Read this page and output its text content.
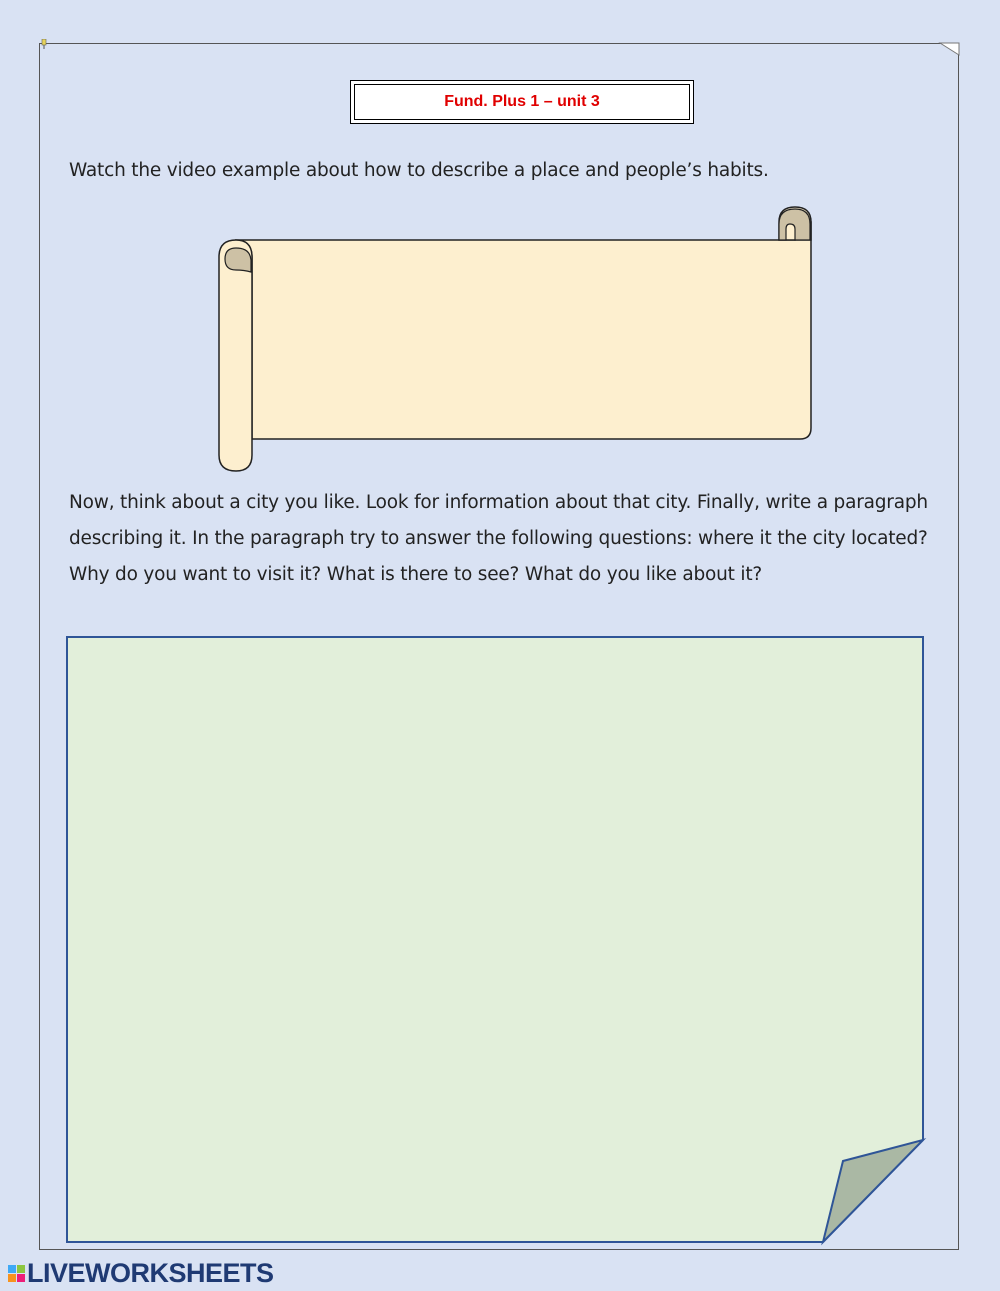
Fund. Plus 1 – unit 3
Watch the video example about how to describe a place and people’s habits.
Now, think about a city you like. Look for information about that city. Finally, write a paragraph describing it. In the paragraph try to answer the following questions: where it the city located? Why do you want to visit it? What is there to see? What do you like about it?
LIVEWORKSHEETS
